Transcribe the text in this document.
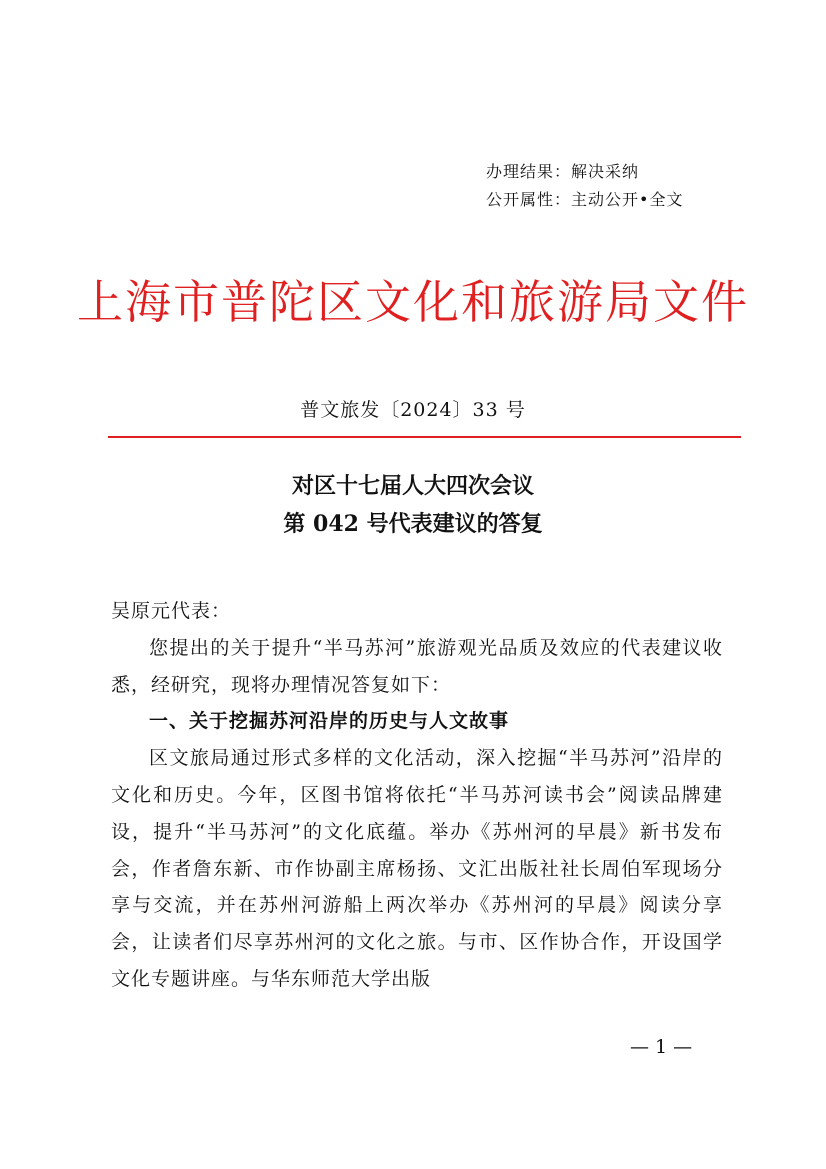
办理结果：解决采纳
公开属性：主动公开•全文
上海市普陀区文化和旅游局文件
普文旅发〔2024〕33 号
对区十七届人大四次会议
第 042 号代表建议的答复

吴原元代表：

您提出的关于提升“半马苏河”旅游观光品质及效应的代表建议收悉，经研究，现将办理情况答复如下：

一、关于挖掘苏河沿岸的历史与人文故事

区文旅局通过形式多样的文化活动，深入挖掘“半马苏河”沿岸的文化和历史。今年，区图书馆将依托“半马苏河读书会”阅读品牌建设，提升“半马苏河”的文化底蕴。举办《苏州河的早晨》新书发布会，作者詹东新、市作协副主席杨扬、文汇出版社社长周伯军现场分享与交流，并在苏州河游船上两次举办《苏州河的早晨》阅读分享会，让读者们尽享苏州河的文化之旅。与市、区作协合作，开设国学文化专题讲座。与华东师范大学出版

— 1 —
